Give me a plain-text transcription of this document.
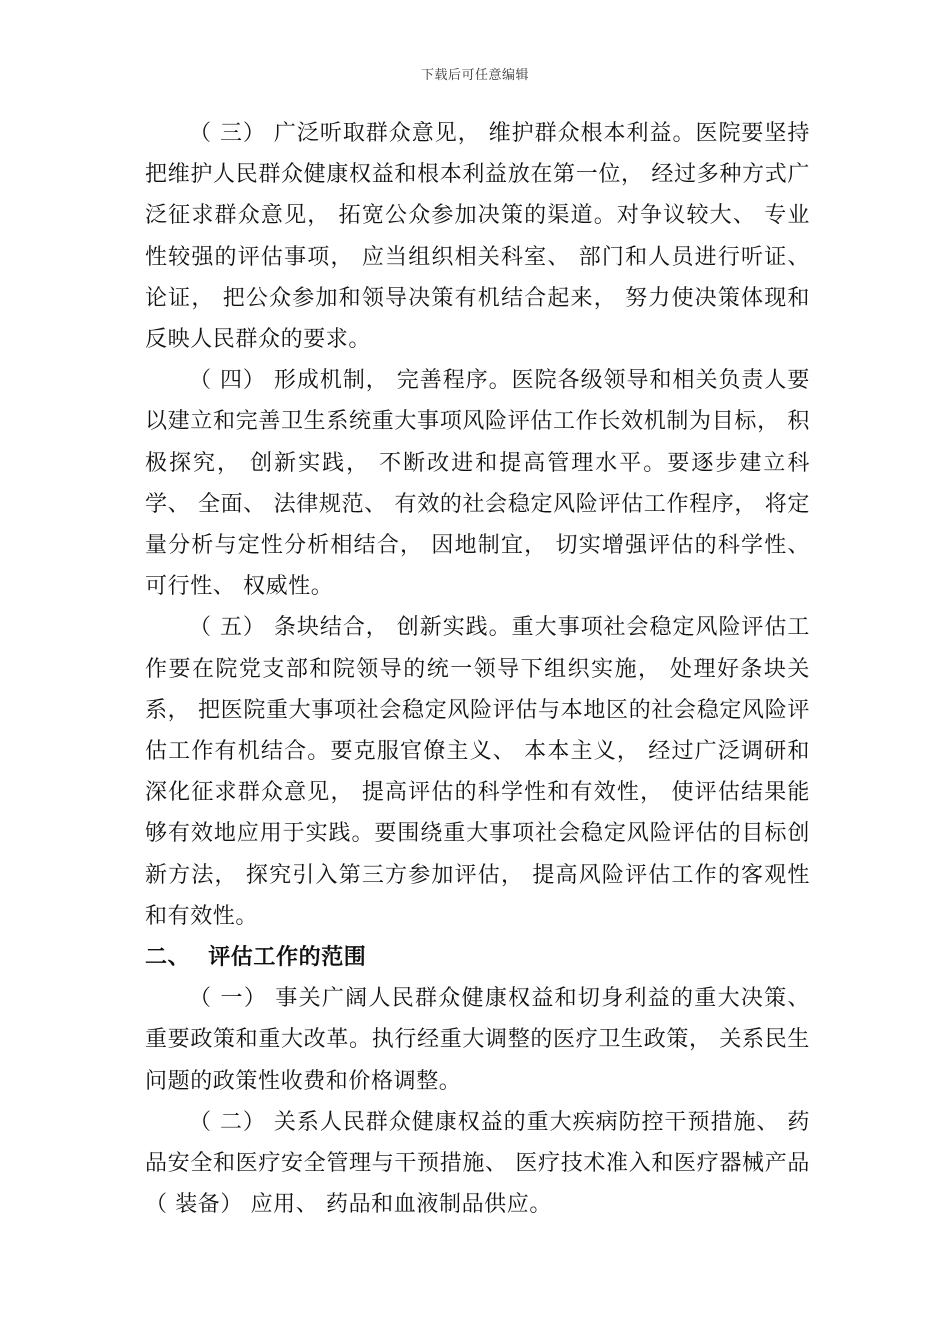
下载后可任意编辑

（ 三） 广泛听取群众意见， 维护群众根本利益。医院要坚持把维护人民群众健康权益和根本利益放在第一位， 经过多种方式广泛征求群众意见， 拓宽公众参加决策的渠道。对争议较大、 专业性较强的评估事项， 应当组织相关科室、 部门和人员进行听证、 论证， 把公众参加和领导决策有机结合起来， 努力使决策体现和反映人民群众的要求。

（ 四） 形成机制， 完善程序。医院各级领导和相关负责人要以建立和完善卫生系统重大事项风险评估工作长效机制为目标， 积极探究， 创新实践， 不断改进和提高管理水平。要逐步建立科学、 全面、 法律规范、 有效的社会稳定风险评估工作程序， 将定量分析与定性分析相结合， 因地制宜， 切实增强评估的科学性、 可行性、 权威性。

（ 五） 条块结合， 创新实践。重大事项社会稳定风险评估工作要在院党支部和院领导的统一领导下组织实施， 处理好条块关系， 把医院重大事项社会稳定风险评估与本地区的社会稳定风险评估工作有机结合。要克服官僚主义、 本本主义， 经过广泛调研和深化征求群众意见， 提高评估的科学性和有效性， 使评估结果能够有效地应用于实践。要围绕重大事项社会稳定风险评估的目标创新方法， 探究引入第三方参加评估， 提高风险评估工作的客观性和有效性。

二、 评估工作的范围

（ 一） 事关广阔人民群众健康权益和切身利益的重大决策、 重要政策和重大改革。执行经重大调整的医疗卫生政策， 关系民生问题的政策性收费和价格调整。

（ 二） 关系人民群众健康权益的重大疾病防控干预措施、 药品安全和医疗安全管理与干预措施、 医疗技术准入和医疗器械产品（ 装备） 应用、 药品和血液制品供应。
